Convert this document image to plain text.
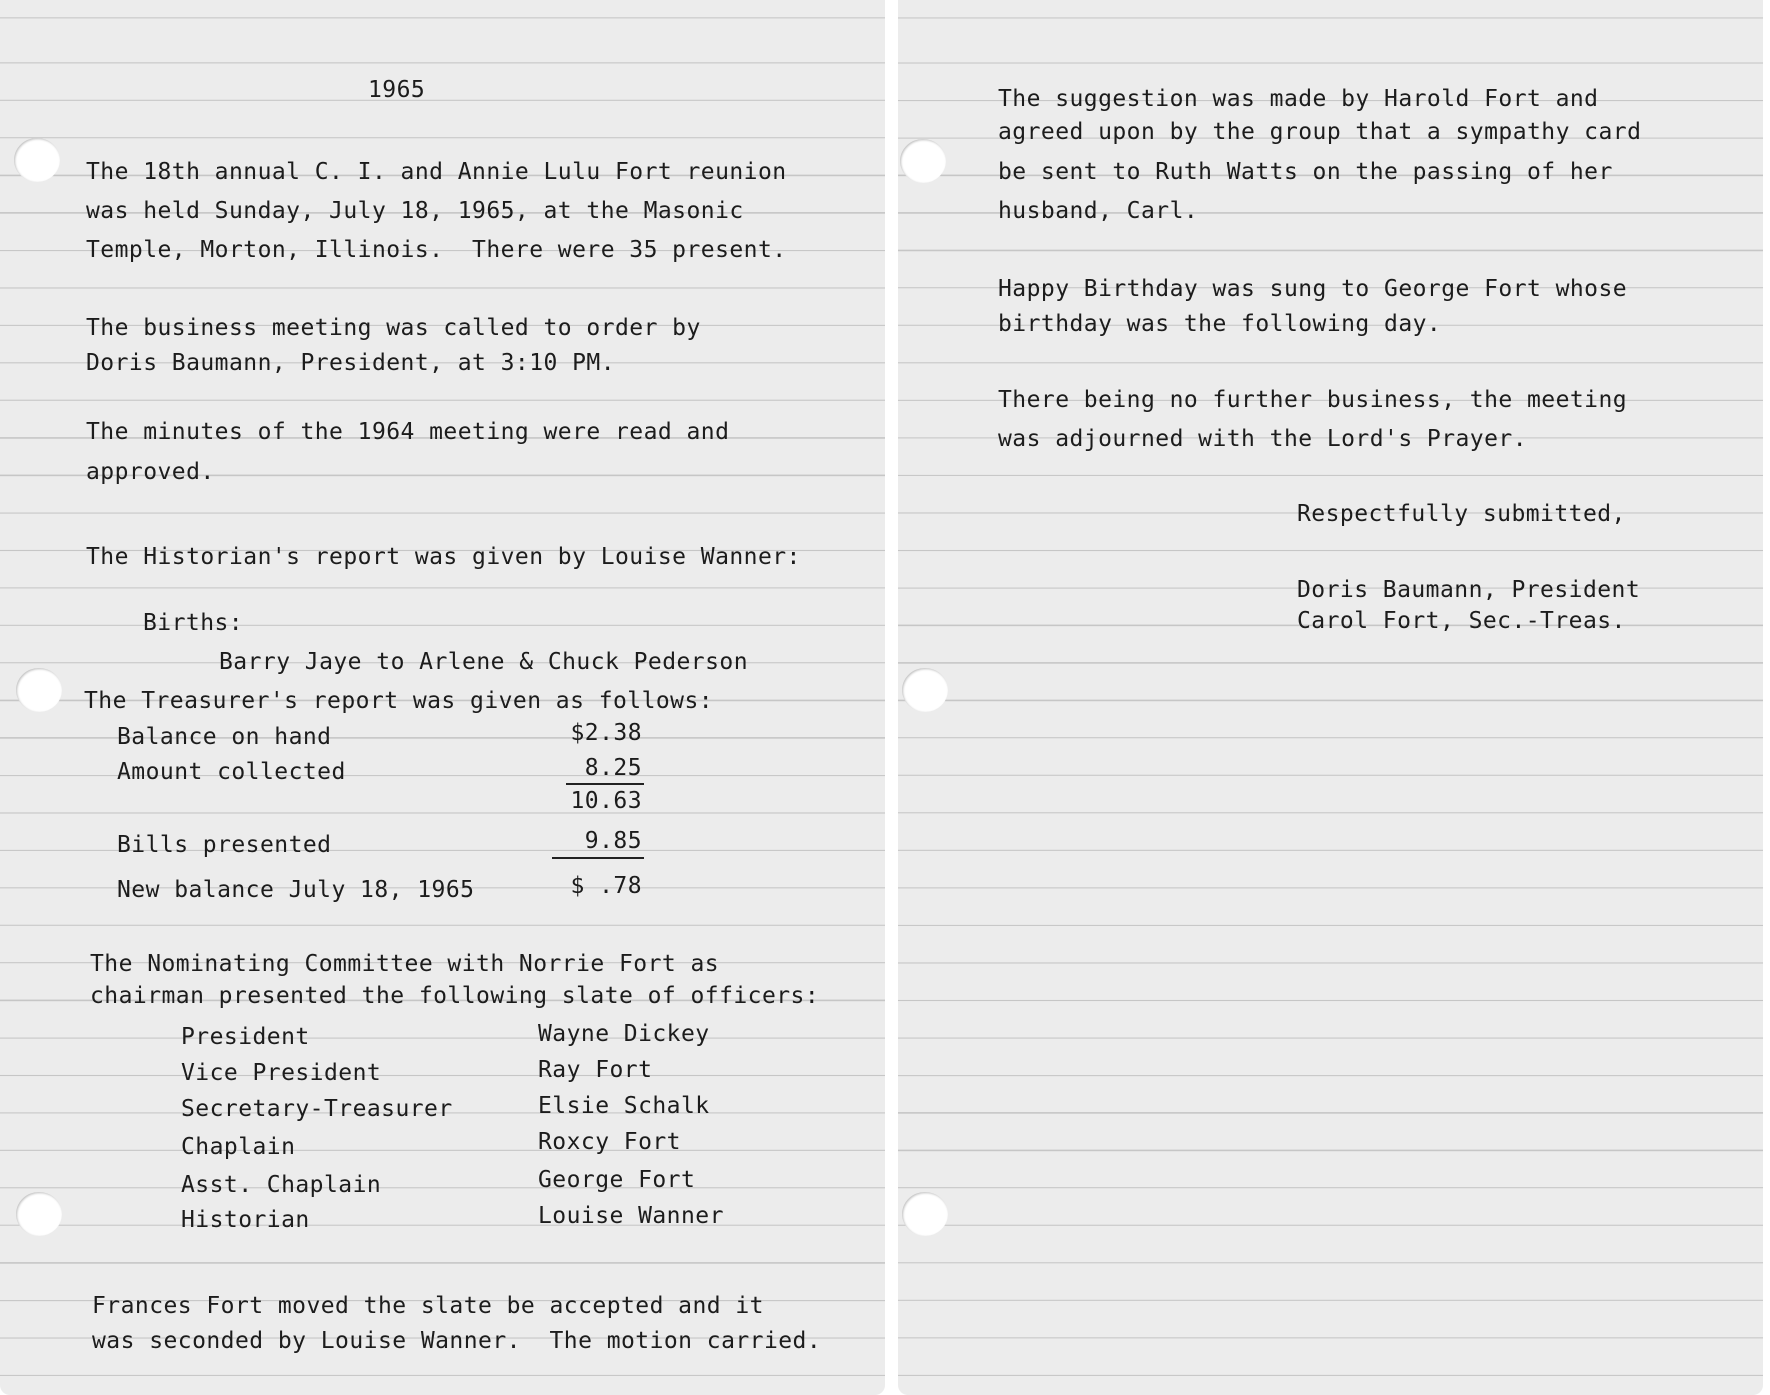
1965
The 18th annual C. I. and Annie Lulu Fort reunion
was held Sunday, July 18, 1965, at the Masonic
Temple, Morton, Illinois.  There were 35 present.
The business meeting was called to order by
Doris Baumann, President, at 3:10 PM.
The minutes of the 1964 meeting were read and
approved.
The Historian's report was given by Louise Wanner:
Births:
Barry Jaye to Arlene & Chuck Pederson
The Treasurer's report was given as follows:
Balance on hand	$2.38
Amount collected	8.25
10.63
Bills presented	9.85
New balance July 18, 1965	$ .78
The Nominating Committee with Norrie Fort as
chairman presented the following slate of officers:
President	Wayne Dickey
Vice President	Ray Fort
Secretary-Treasurer	Elsie Schalk
Chaplain	Roxcy Fort
Asst. Chaplain	George Fort
Historian	Louise Wanner
Frances Fort moved the slate be accepted and it
was seconded by Louise Wanner.  The motion carried.
The suggestion was made by Harold Fort and
agreed upon by the group that a sympathy card
be sent to Ruth Watts on the passing of her
husband, Carl.
Happy Birthday was sung to George Fort whose
birthday was the following day.
There being no further business, the meeting
was adjourned with the Lord's Prayer.
Respectfully submitted,
Doris Baumann, President
Carol Fort, Sec.-Treas.
